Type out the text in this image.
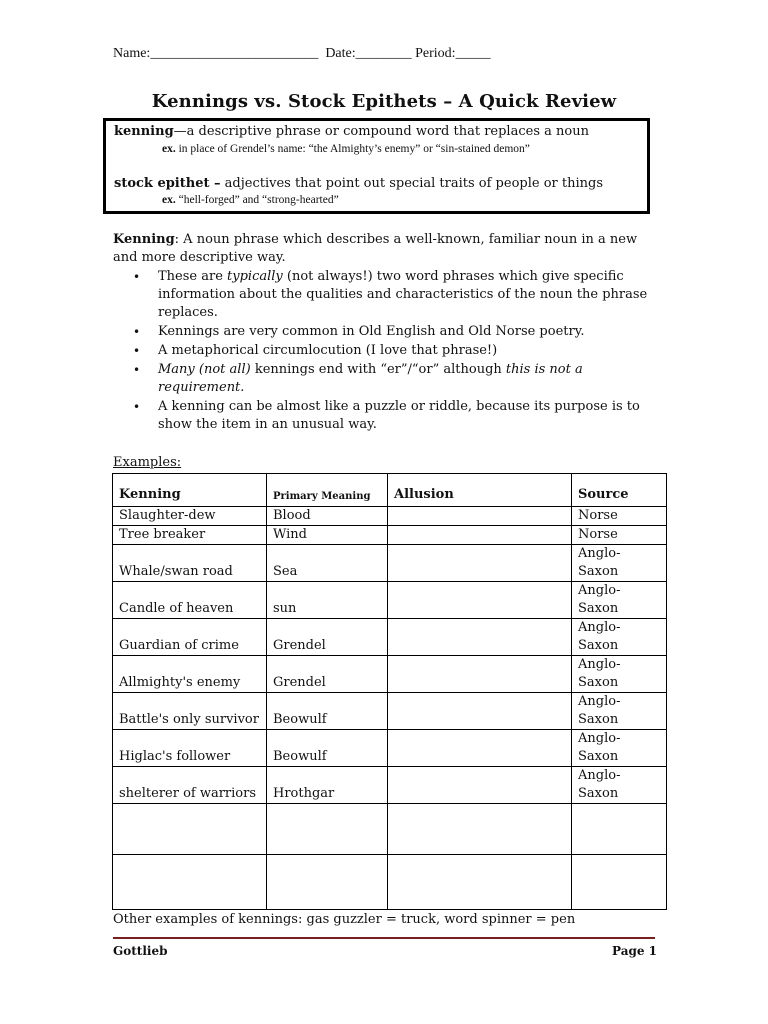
Name:________________________  Date:________ Period:_____
Kennings vs. Stock Epithets – A Quick Review
kenning—a descriptive phrase or compound word that replaces a noun
ex. in place of Grendel’s name: “the Almighty’s enemy” or “sin-stained demon”
stock epithet – adjectives that point out special traits of people or things
ex. “hell-forged” and “strong-hearted”
Kenning: A noun phrase which describes a well-known, familiar noun in a new and more descriptive way.
• These are typically (not always!) two word phrases which give specific information about the qualities and characteristics of the noun the phrase replaces.
• Kennings are very common in Old English and Old Norse poetry.
• A metaphorical circumlocution (I love that phrase!)
• Many (not all) kennings end with “er”/“or” although this is not a requirement.
• A kenning can be almost like a puzzle or riddle, because its purpose is to show the item in an unusual way.
Examples:
Kenning	Primary Meaning	Allusion	Source
Slaughter-dew	Blood		Norse
Tree breaker	Wind		Norse
Whale/swan road	Sea		Anglo-Saxon
Candle of heaven	sun		Anglo-Saxon
Guardian of crime	Grendel		Anglo-Saxon
Allmighty's enemy	Grendel		Anglo-Saxon
Battle's only survivor	Beowulf		Anglo-Saxon
Higlac's follower	Beowulf		Anglo-Saxon
shelterer of warriors	Hrothgar		Anglo-Saxon

Other examples of kennings: gas guzzler = truck, word spinner = pen
Gottlieb	Page 1
